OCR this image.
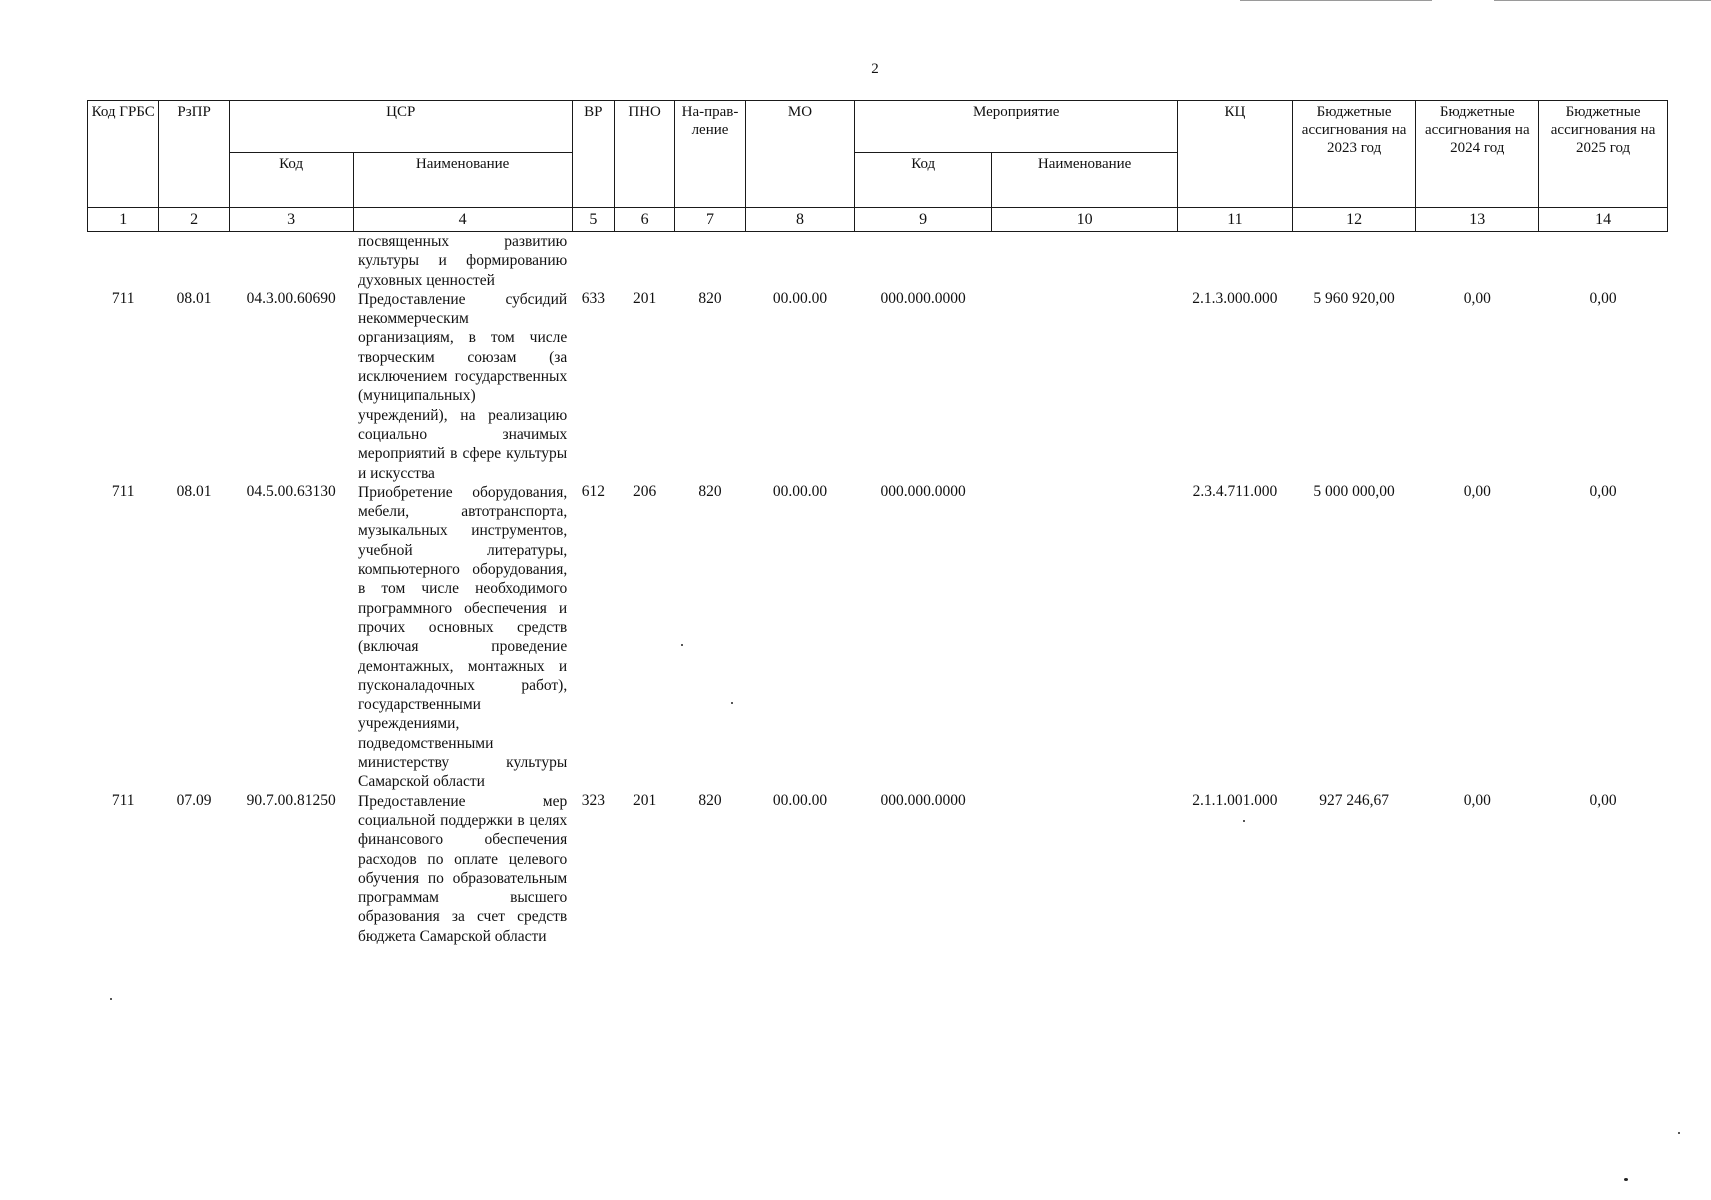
2
Код ГРБС	РзПР	ЦСР		ВР	ПНО	На-прав-ление	МО	Мероприятие		КЦ	Бюджетные ассигнования на 2023 год	Бюджетные ассигнования на 2024 год	Бюджетные ассигнования на 2025 год
		Код	Наименование					Код	Наименование				
1	2	3	4	5	6	7	8	9	10	11	12	13	14
			посвященных развитию культуры и формированию духовных ценностей										
711	08.01	04.3.00.60690	Предоставление субсидий некоммерческим организациям, в том числе творческим союзам (за исключением государственных (муниципальных) учреждений), на реализацию социально значимых мероприятий в сфере культуры и искусства	633	201	820	00.00.00	000.000.0000		2.1.3.000.000	5 960 920,00	0,00	0,00
711	08.01	04.5.00.63130	Приобретение оборудования, мебели, автотранспорта, музыкальных инструментов, учебной литературы, компьютерного оборудования, в том числе необходимого программного обеспечения и прочих основных средств (включая проведение демонтажных, монтажных и пусконаладочных работ), государственными учреждениями, подведомственными министерству культуры Самарской области	612	206	820	00.00.00	000.000.0000		2.3.4.711.000	5 000 000,00	0,00	0,00
711	07.09	90.7.00.81250	Предоставление мер социальной поддержки в целях финансового обеспечения расходов по оплате целевого обучения по образовательным программам высшего образования за счет средств бюджета Самарской области	323	201	820	00.00.00	000.000.0000		2.1.1.001.000	927 246,67	0,00	0,00
